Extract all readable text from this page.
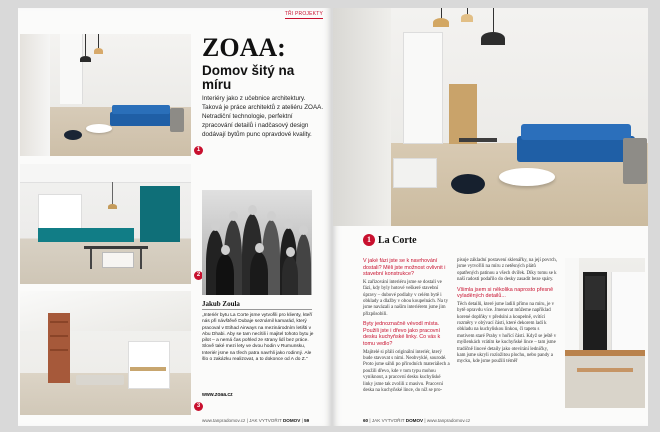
1
2
3
TŘI PROJEKTY
ZOAA:
Domov šitý na míru

Interiéry jako z učebnice architektury. Taková je práce architektů z ateliéru ZOAA. Netradiční technologie, perfektní zpracování detailů i nadčasový design dodávají bytům punc opravdové kvality.

Jakub Zoula

„Interiér bytu La Corte jsme vytvořili pro klienty, kteří nás při návštěvě Dubaje seznámil kamarád, který pracoval v Etihad Airways na mezinárodním letišti v Abu Dhabi. Aby se tam necítili i majitel tohoto bytu je pilot – a nemá čas pohled ze strany lidí bez práce. Slově také mezi lety ve dvou hodin v Rumunsku, Interiér jsme na třech patra navrhli jako rodinný. Ale šlo o zakázku realizovat, a to dokonce od A do Z.“

www.zoaa.cz
www.tanpradomov.cz | JAK VYTVOŘIT DOMOV | 59
1 La Corte

V jaké fázi jste se k navrhování dostali? Měli jste možnost ovlivnit i stavební konstrukce?

K zařizování interiéru jsme se dostali ve fázi, kdy byly hotové veškeré stavební úpravy – dubové podlahy v celém bytě i obklady a dlažby v obou koupelnách. Na ty jsme navázali a naším interiérem jsme jim přizpůsobili.

Byty jednoznačně vévodí místa. Použili jste i dřevo jako pracovní desku kuchyňské linky. Co vás k tomu vedlo?

Majitelé si přáli originální interiér, který bude stavovat s nimi. Neobvyklé, sourodé. Proto jsme sáhli po přírodních materiálech a použili dřevo, kde v tom typu mohou vyniknout, a pracovní desku kuchyňské linky jsme tak zvolili z masivu. Pracovní deska na kuchyňské lince, do níž se pro-

pisuje základní postavení sklenářky, na její povrch, jsme vytvořili na míru z netěsných plátů opatřených patinou a všech dvířek. Díky tomu se k naší radosti podařilo do desky zasadit beze spáry.

Všimla jsem si několika naprosto přesně vyladěných detailů...

Těch detailů, které jsme ladili přímo na míru, je v bytě opravdu více. Jmenovat můžeme například korené doplňky v předsíni a koupelně, svítící rozměry v obývací části, které dekorem ladí k obkladu na kuchyňskou linkou, či tapetu s motivem staré Prahy v hořící části. Když se ještě v myšlenkách vrátím ke kuchyňské lince – tam jsme tradičně linové detaily jako otevírání ledničky, kam jsme ukryli rozložitou plochu, nebo pandy a mycku, kde jsme použili téměř

60 | JAK VYTVOŘIT DOMOV | www.tanpradomov.cz
